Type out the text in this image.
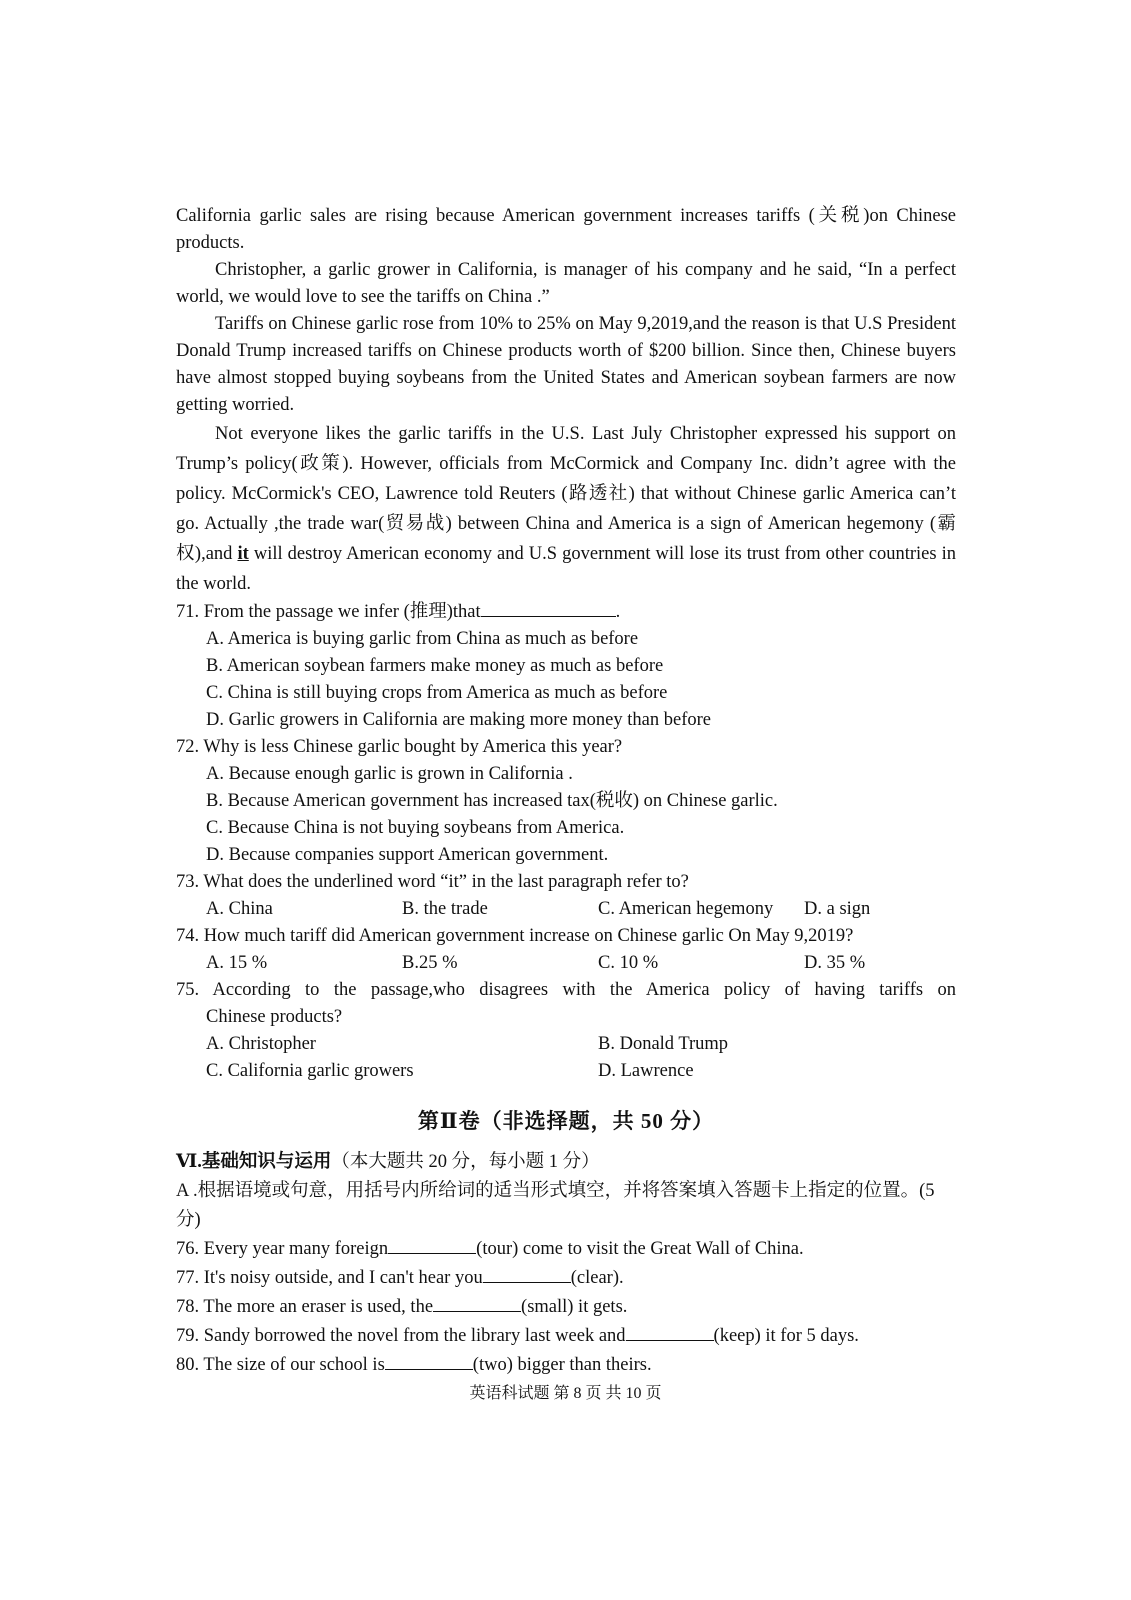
California garlic sales are rising because American government increases tariffs (关税)on Chinese products.

Christopher, a garlic grower in California, is manager of his company and he said, “In a perfect world, we would love to see the tariffs on China .”

Tariffs on Chinese garlic rose from 10% to 25% on May 9,2019,and the reason is that U.S President Donald Trump increased tariffs on Chinese products worth of $200 billion. Since then, Chinese buyers have almost stopped buying soybeans from the United States and American soybean farmers are now getting worried.

Not everyone likes the garlic tariffs in the U.S. Last July Christopher expressed his support on Trump’s policy(政策). However, officials from McCormick and Company Inc. didn’t agree with the policy. McCormick's CEO, Lawrence told Reuters (路透社) that without Chinese garlic America can’t go. Actually ,the trade war(贸易战) between China and America is a sign of American hegemony (霸权),and it will destroy American economy and U.S government will lose its trust from other countries in the world.

71. From the passage we infer (推理)that	.

A. America is buying garlic from China as much as before

B. American soybean farmers make money as much as before

C. China is still buying crops from America as much as before

D. Garlic growers in California are making more money than before

72. Why is less Chinese garlic bought by America this year?

A. Because enough garlic is grown in California .

B. Because American government has increased tax(税收) on Chinese garlic.

C. Because China is not buying soybeans from America.

D. Because companies support American government.

73. What does the underlined word “it” in the last paragraph refer to?

A. China	B. the trade	C. American hegemony	D. a sign

74. How much tariff did American government increase on Chinese garlic On May 9,2019?

A. 15 %	B.25 %	C. 10 %	D. 35 %

75. According to the passage,who disagrees with the America policy of having tariffs on

Chinese products?

A. Christopher	B. Donald Trump
C. California garlic growers	D. Lawrence
第Ⅱ卷（非选择题，共 50 分）

Ⅵ.基础知识与运用（本大题共 20 分，每小题 1 分）

A .根据语境或句意，用括号内所给词的适当形式填空，并将答案填入答题卡上指定的位置。(5 分)

76. Every year many foreign	(tour) come to visit the Great Wall of China.

77. It's noisy outside, and I can't hear you	(clear).

78. The more an eraser is used, the	(small) it gets.

79. Sandy borrowed the novel from the library last week and	(keep) it for 5 days.

80. The size of our school is	(two) bigger than theirs.

英语科试题 第 8 页 共 10 页
